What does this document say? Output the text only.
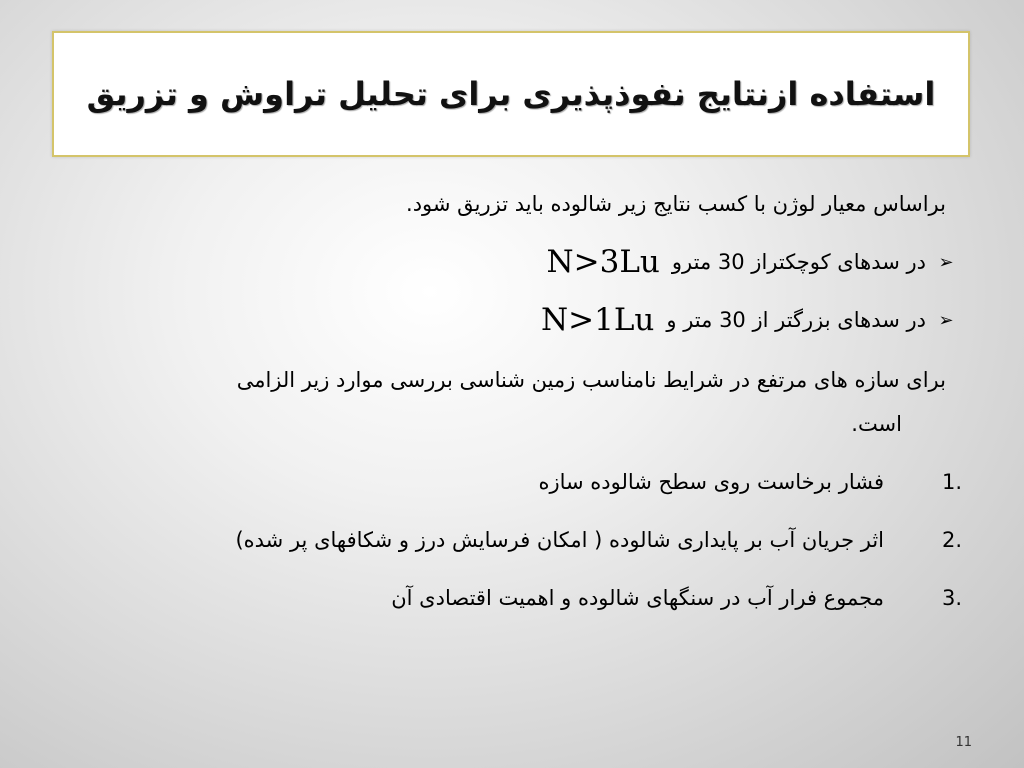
استفاده ازنتایج نفوذپذیری برای تحلیل تراوش و تزریق
براساس معیار لوژن با کسب نتایج زیر شالوده باید تزریق شود.
➢
در سدهای کوچکتراز 30 مترو
N>3Lu
➢
در سدهای بزرگتر از 30 متر و
N>1Lu
برای سازه های مرتفع در شرایط نامناسب زمین شناسی بررسی موارد زیر الزامی
است.
1.
فشار برخاست روی سطح شالوده سازه
2.
اثر جریان آب بر پایداری شالوده ( امکان فرسایش درز و شکافهای پر شده)
3.
مجموع فرار آب در سنگهای شالوده و اهمیت اقتصادی آن
11
